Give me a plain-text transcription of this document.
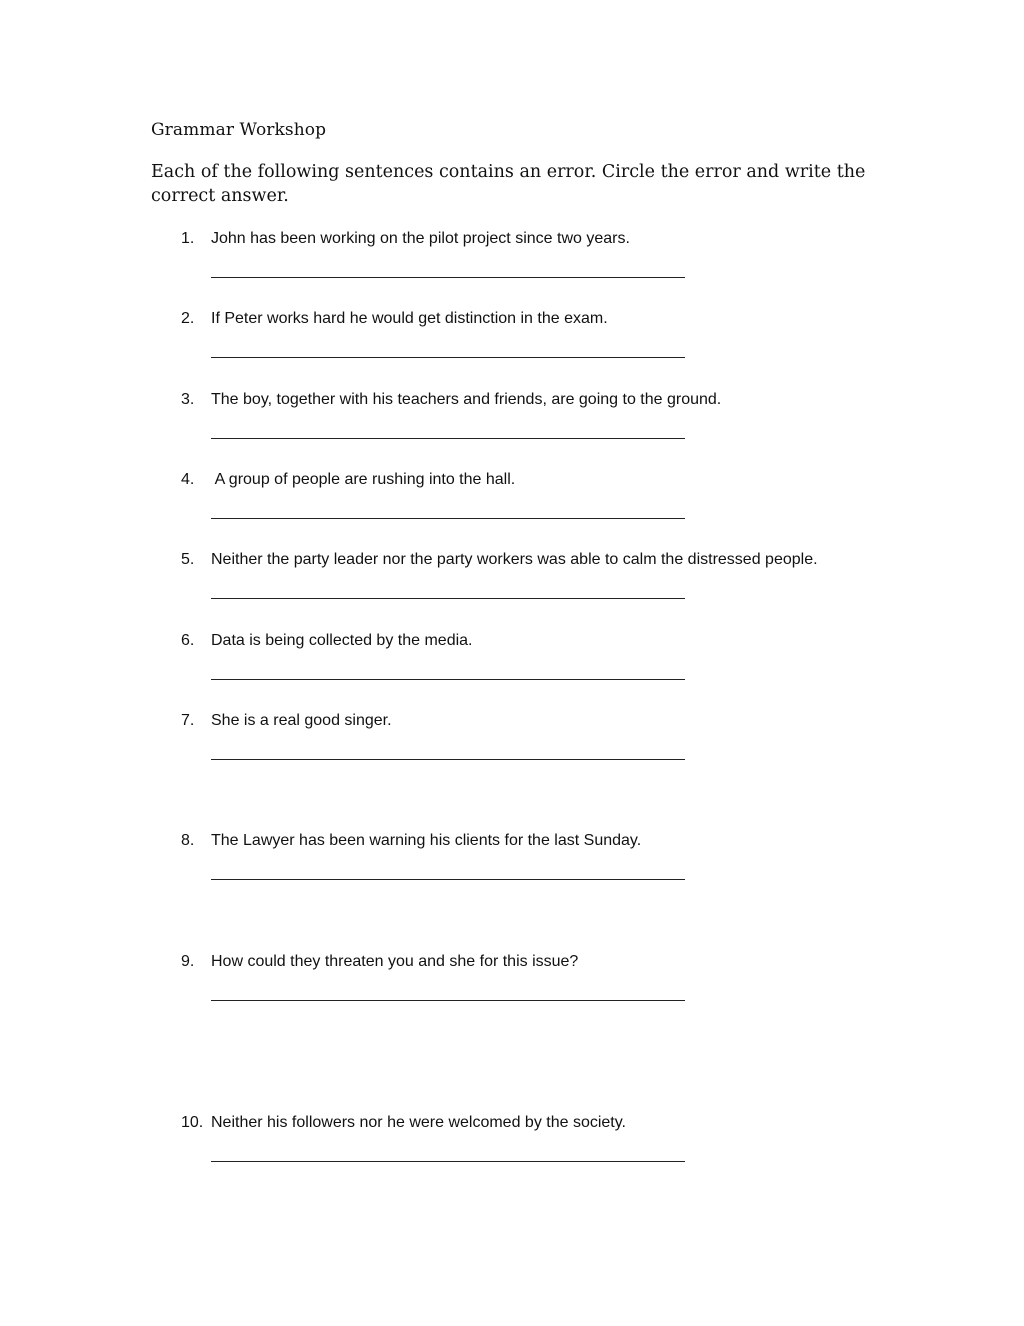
Grammar Workshop
Each of the following sentences contains an error. Circle the error and write the correct answer.
1. John has been working on the pilot project since two years.
2. If Peter works hard he would get distinction in the exam.
3. The boy, together with his teachers and friends, are going to the ground.
4. A group of people are rushing into the hall.
5. Neither the party leader nor the party workers was able to calm the distressed people.
6. Data is being collected by the media.
7. She is a real good singer.
8. The Lawyer has been warning his clients for the last Sunday.
9. How could they threaten you and she for this issue?
10. Neither his followers nor he were welcomed by the society.
